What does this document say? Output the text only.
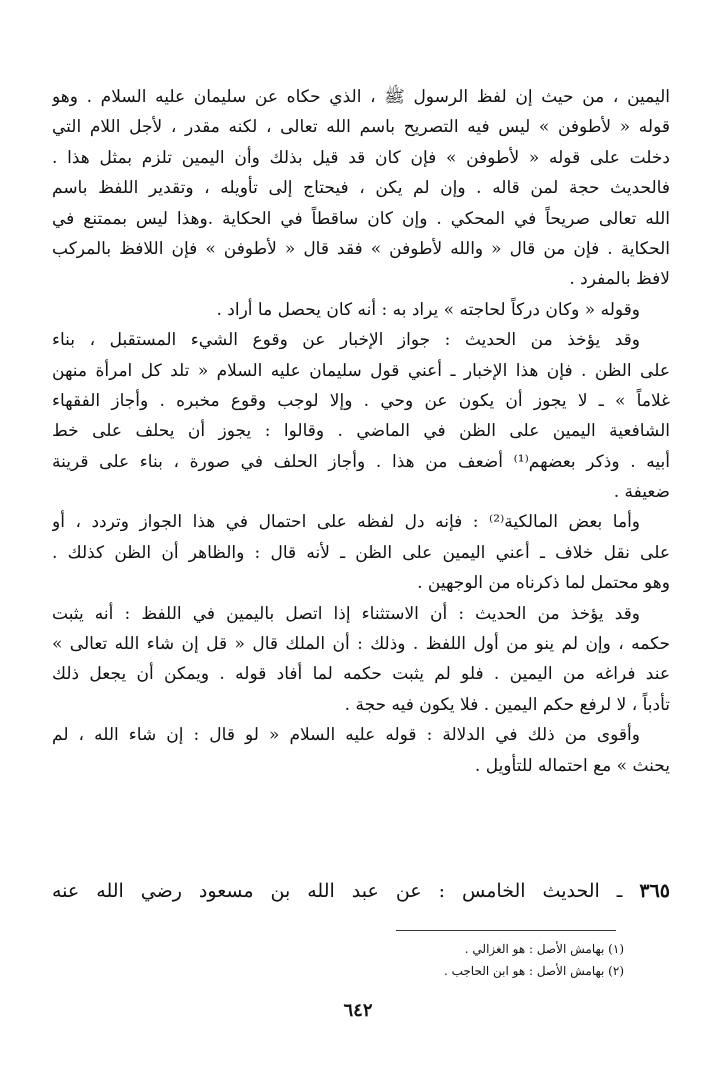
اليمين ، من حيث إن لفظ الرسول ﷺ ، الذي حكاه عن سليمان عليه السلام . وهو
قوله « لأطوفن » ليس فيه التصريح باسم الله تعالى ، لكنه مقدر ، لأجل اللام التي
دخلت على قوله « لأطوفن » فإن كان قد قيل بذلك وأن اليمين تلزم بمثل هذا .
فالحديث حجة لمن قاله . وإن لم يكن ، فيحتاج إلى تأويله ، وتقدير اللفظ باسم
الله تعالى صريحاً في المحكي . وإن كان ساقطاً في الحكاية .وهذا ليس بممتنع في
الحكاية . فإن من قال « والله لأطوفن » فقد قال « لأطوفن » فإن اللافظ بالمركب
لافظ بالمفرد .
وقوله « وكان دركاً لحاجته » يراد به : أنه كان يحصل ما أراد .
وقد يؤخذ من الحديث : جواز الإخبار عن وقوع الشيء المستقبل ، بناء
على الظن . فإن هذا الإخبار ـ أعني قول سليمان عليه السلام « تلد كل امرأة منهن
غلاماً » ـ لا يجوز أن يكون عن وحي . وإلا لوجب وقوع مخبره . وأجاز الفقهاء
الشافعية اليمين على الظن في الماضي . وقالوا : يجوز أن يحلف على خط
أبيه . وذكر بعضهم⁽¹⁾ أضعف من هذا . وأجاز الحلف في صورة ، بناء على قرينة
ضعيفة .
وأما بعض المالكية⁽²⁾ : فإنه دل لفظه على احتمال في هذا الجواز وتردد ، أو
على نقل خلاف ـ أعني اليمين على الظن ـ لأنه قال : والظاهر أن الظن كذلك .
وهو محتمل لما ذكرناه من الوجهين .
وقد يؤخذ من الحديث : أن الاستثناء إذا اتصل باليمين في اللفظ : أنه يثبت
حكمه ، وإن لم ينو من أول اللفظ . وذلك : أن الملك قال « قل إن شاء الله تعالى »
عند فراغه من اليمين . فلو لم يثبت حكمه لما أفاد قوله . ويمكن أن يجعل ذلك
تأدباً ، لا لرفع حكم اليمين . فلا يكون فيه حجة .
وأقوى من ذلك في الدلالة : قوله عليه السلام « لو قال : إن شاء الله ، لم
يحنث » مع احتماله للتأويل .
٣٦٥ ـ الحديث الخامس : عن عبد الله بن مسعود رضي الله عنه
(١) بهامش الأصل : هو الغزالي .
(٢) بهامش الأصل : هو ابن الحاجب .
٦٤٢
